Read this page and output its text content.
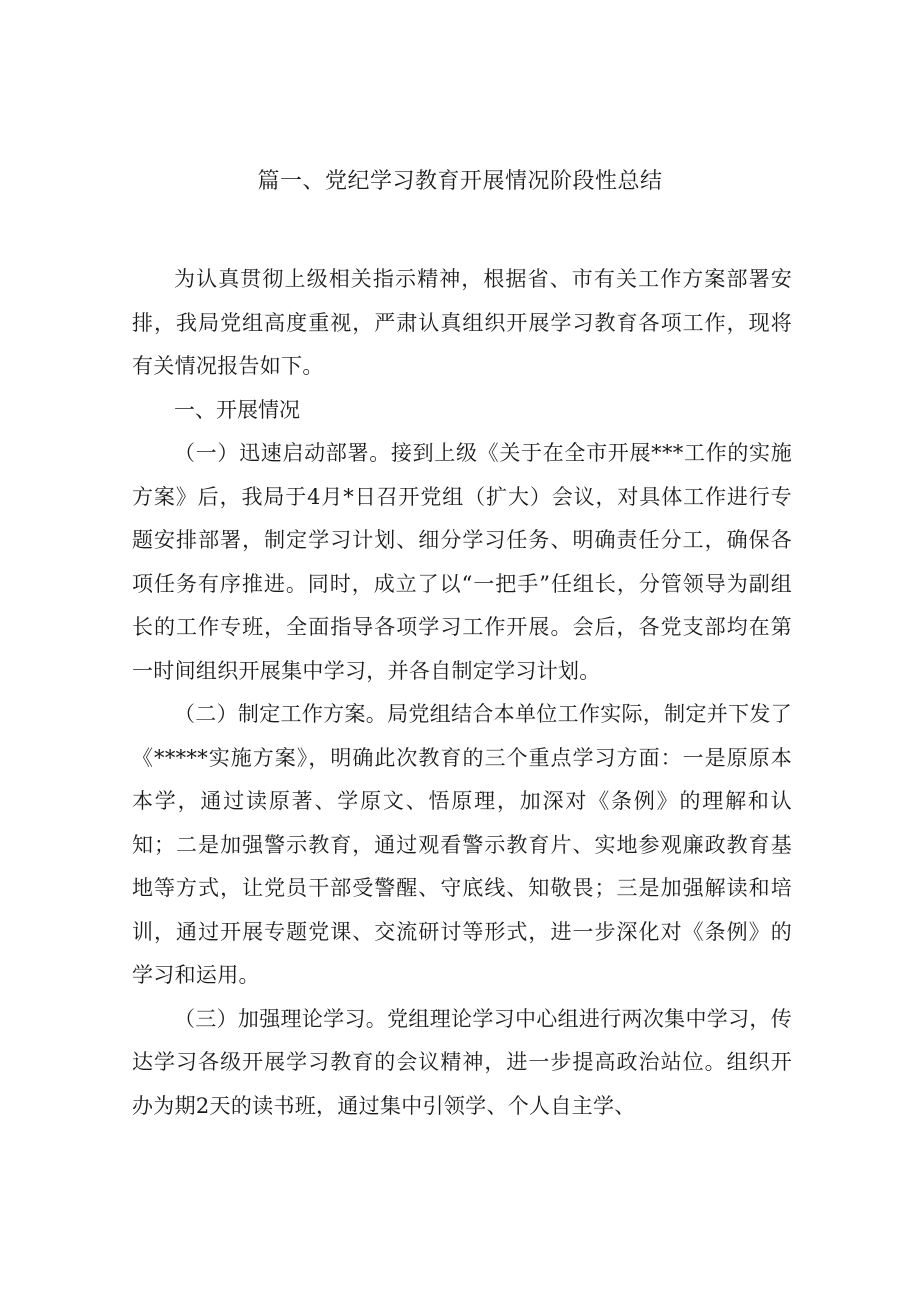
篇一、党纪学习教育开展情况阶段性总结

为认真贯彻上级相关指示精神，根据省、市有关工作方案部署安排，我局党组高度重视，严肃认真组织开展学习教育各项工作，现将有关情况报告如下。

一、开展情况

（一）迅速启动部署。接到上级《关于在全市开展***工作的实施方案》后，我局于4月*日召开党组（扩大）会议，对具体工作进行专题安排部署，制定学习计划、细分学习任务、明确责任分工，确保各项任务有序推进。同时，成立了以“一把手”任组长，分管领导为副组长的工作专班，全面指导各项学习工作开展。会后，各党支部均在第一时间组织开展集中学习，并各自制定学习计划。

（二）制定工作方案。局党组结合本单位工作实际，制定并下发了《*****实施方案》，明确此次教育的三个重点学习方面：一是原原本本学，通过读原著、学原文、悟原理，加深对《条例》的理解和认知；二是加强警示教育，通过观看警示教育片、实地参观廉政教育基地等方式，让党员干部受警醒、守底线、知敬畏；三是加强解读和培训，通过开展专题党课、交流研讨等形式，进一步深化对《条例》的学习和运用。

（三）加强理论学习。党组理论学习中心组进行两次集中学习，传达学习各级开展学习教育的会议精神，进一步提高政治站位。组织开办为期2天的读书班，通过集中引领学、个人自主学、
